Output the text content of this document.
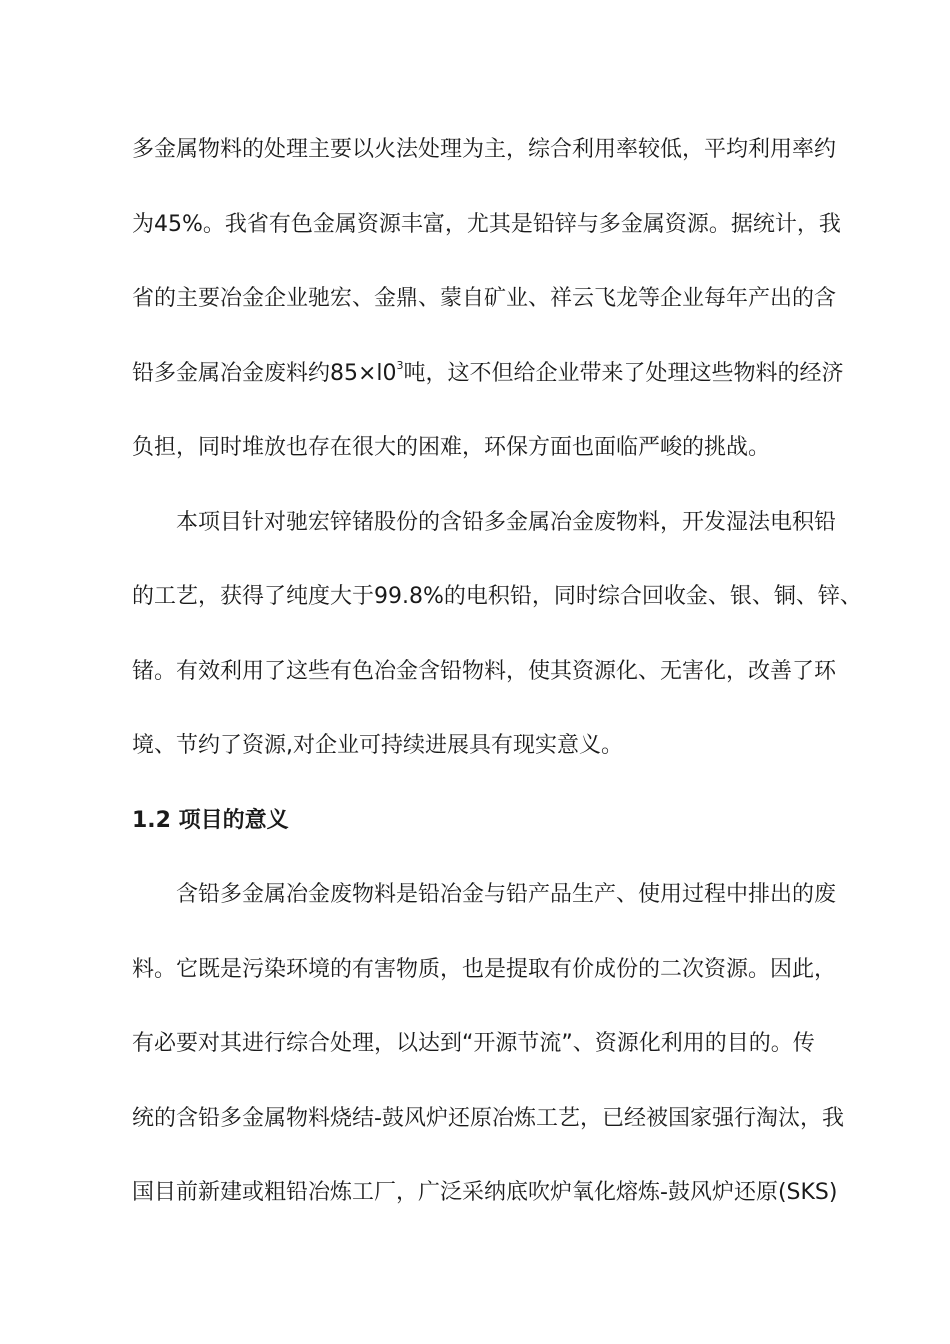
多金属物料的处理主要以火法处理为主，综合利用率较低，平均利用率约
为45%。我省有色金属资源丰富，尤其是铅锌与多金属资源。据统计，我
省的主要冶金企业驰宏、金鼎、蒙自矿业、祥云飞龙等企业每年产出的含
铅多金属冶金废料约$85\times l0^3$吨，这不但给企业带来了处理这些物料的经济
负担，同时堆放也存在很大的困难，环保方面也面临严峻的挑战。
本项目针对驰宏锌锗股份的含铅多金属冶金废物料，开发湿法电积铅
的工艺，获得了纯度大于99.8%的电积铅，同时综合回收金、银、铜、锌、
锗。有效利用了这些有色冶金含铅物料，使其资源化、无害化，改善了环
境、节约了资源,对企业可持续进展具有现实意义。
1.2 项目的意义
含铅多金属冶金废物料是铅冶金与铅产品生产、使用过程中排出的废
料。它既是污染环境的有害物质，也是提取有价成份的二次资源。因此，
有必要对其进行综合处理，以达到“开源节流”、资源化利用的目的。传
统的含铅多金属物料烧结-鼓风炉还原冶炼工艺，已经被国家强行淘汰，我
国目前新建或粗铅冶炼工厂，广泛采纳底吹炉氧化熔炼-鼓风炉还原(SKS)
